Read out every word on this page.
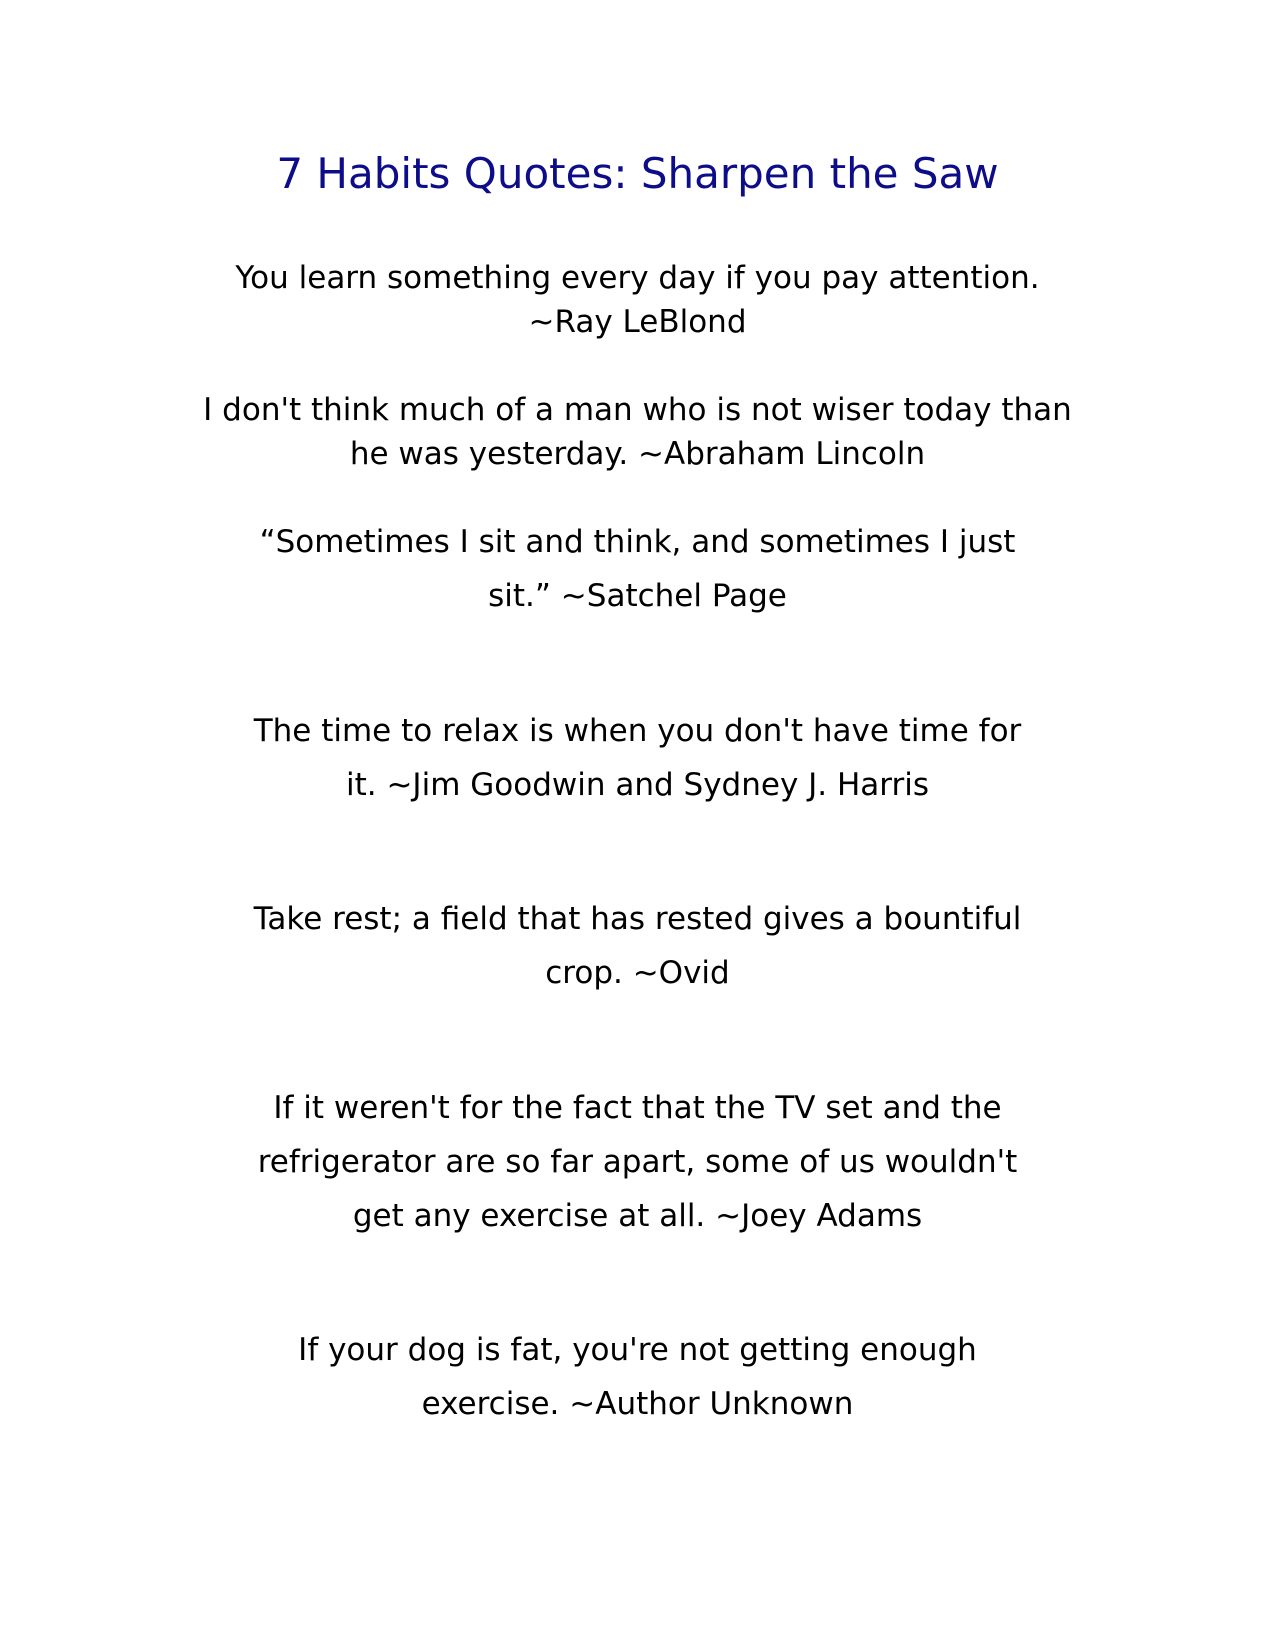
7 Habits Quotes: Sharpen the Saw
You learn something every day if you pay attention.
~Ray LeBlond
I don't think much of a man who is not wiser today than
he was yesterday. ~Abraham Lincoln
“Sometimes I sit and think, and sometimes I just
sit.” ~Satchel Page
The time to relax is when you don't have time for
it. ~Jim Goodwin and Sydney J. Harris
Take rest; a field that has rested gives a bountiful
crop. ~Ovid
If it weren't for the fact that the TV set and the
refrigerator are so far apart, some of us wouldn't
get any exercise at all. ~Joey Adams
If your dog is fat, you're not getting enough
exercise. ~Author Unknown
